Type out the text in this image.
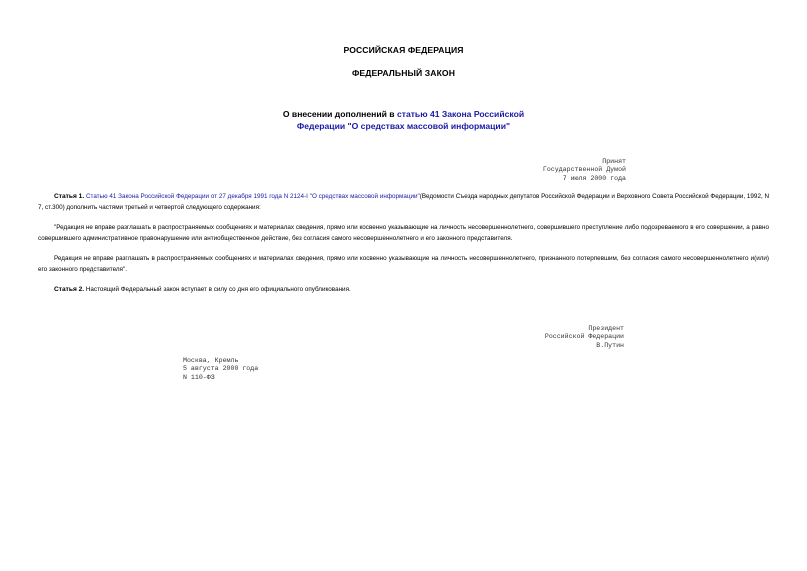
РОССИЙСКАЯ ФЕДЕРАЦИЯ
ФЕДЕРАЛЬНЫЙ ЗАКОН
О внесении дополнений в статью 41 Закона Российской
Федерации "О средствах массовой информации"
Принят
Государственной Думой
7 июля 2000 года
Статья 1. Статью 41 Закона Российской Федерации от 27 декабря 1991 года N 2124-I "О средствах массовой информации"(Ведомости Съезда народных депутатов Российской Федерации и Верховного Совета Российской Федерации, 1992, N 7, ст.300) дополнить частями третьей и четвертой следующего содержания:
"Редакция не вправе разглашать в распространяемых сообщениях и материалах сведения, прямо или косвенно указывающие на личность несовершеннолетнего, совершившего преступление либо подозреваемого в его совершении, а равно совершившего административное правонарушение или антиобщественное действие, без согласия самого несовершеннолетнего и его законного представителя.
Редакция не вправе разглашать в распространяемых сообщениях и материалах сведения, прямо или косвенно указывающие на личность несовершеннолетнего, признанного потерпевшим, без согласия самого несовершеннолетнего и(или) его законного представителя".
Статья 2. Настоящий Федеральный закон вступает в силу со дня его официального опубликования.
Президент
Российской Федерации
В.Путин
Москва, Кремль
5 августа 2000 года
N 110-ФЗ
